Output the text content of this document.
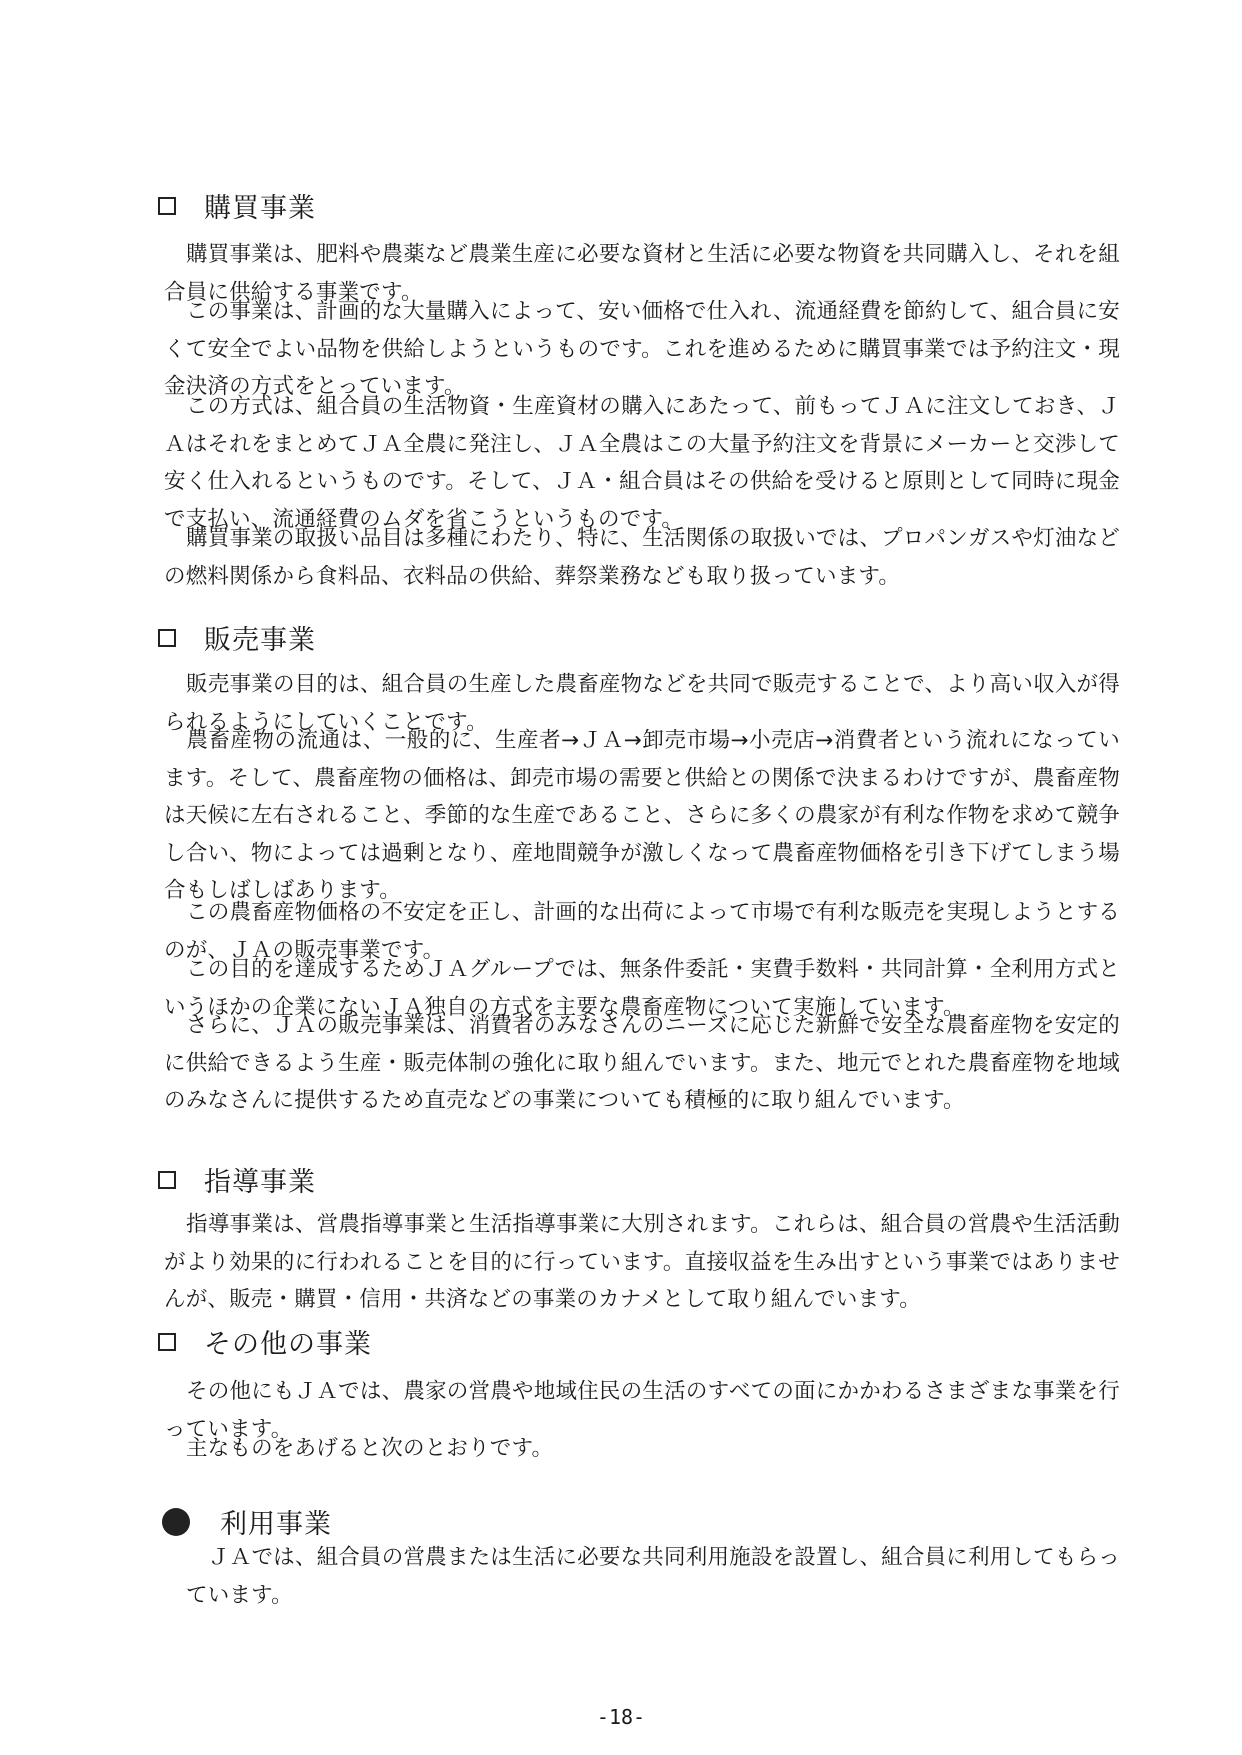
購買事業

購買事業は、肥料や農薬など農業生産に必要な資材と生活に必要な物資を共同購入し、それを組合員に供給する事業です。

この事業は、計画的な大量購入によって、安い価格で仕入れ、流通経費を節約して、組合員に安くて安全でよい品物を供給しようというものです。これを進めるために購買事業では予約注文・現金決済の方式をとっています。

この方式は、組合員の生活物資・生産資材の購入にあたって、前もってＪＡに注文しておき、ＪＡはそれをまとめてＪＡ全農に発注し、ＪＡ全農はこの大量予約注文を背景にメーカーと交渉して安く仕入れるというものです。そして、ＪＡ・組合員はその供給を受けると原則として同時に現金で支払い、流通経費のムダを省こうというものです。

購買事業の取扱い品目は多種にわたり、特に、生活関係の取扱いでは、プロパンガスや灯油などの燃料関係から食料品、衣料品の供給、葬祭業務なども取り扱っています。

販売事業

販売事業の目的は、組合員の生産した農畜産物などを共同で販売することで、より高い収入が得られるようにしていくことです。

農畜産物の流通は、一般的に、生産者→ＪＡ→卸売市場→小売店→消費者という流れになっています。そして、農畜産物の価格は、卸売市場の需要と供給との関係で決まるわけですが、農畜産物は天候に左右されること、季節的な生産であること、さらに多くの農家が有利な作物を求めて競争し合い、物によっては過剰となり、産地間競争が激しくなって農畜産物価格を引き下げてしまう場合もしばしばあります。

この農畜産物価格の不安定を正し、計画的な出荷によって市場で有利な販売を実現しようとするのが、ＪＡの販売事業です。

この目的を達成するためＪＡグループでは、無条件委託・実費手数料・共同計算・全利用方式というほかの企業にないＪＡ独自の方式を主要な農畜産物について実施しています。

さらに、ＪＡの販売事業は、消費者のみなさんのニーズに応じた新鮮で安全な農畜産物を安定的に供給できるよう生産・販売体制の強化に取り組んでいます。また、地元でとれた農畜産物を地域のみなさんに提供するため直売などの事業についても積極的に取り組んでいます。

指導事業

指導事業は、営農指導事業と生活指導事業に大別されます。これらは、組合員の営農や生活活動がより効果的に行われることを目的に行っています。直接収益を生み出すという事業ではありませんが、販売・購買・信用・共済などの事業のカナメとして取り組んでいます。

その他の事業

その他にもＪＡでは、農家の営農や地域住民の生活のすべての面にかかわるさまざまな事業を行っています。

主なものをあげると次のとおりです。

利用事業

ＪＡでは、組合員の営農または生活に必要な共同利用施設を設置し、組合員に利用してもらっています。

-18-
